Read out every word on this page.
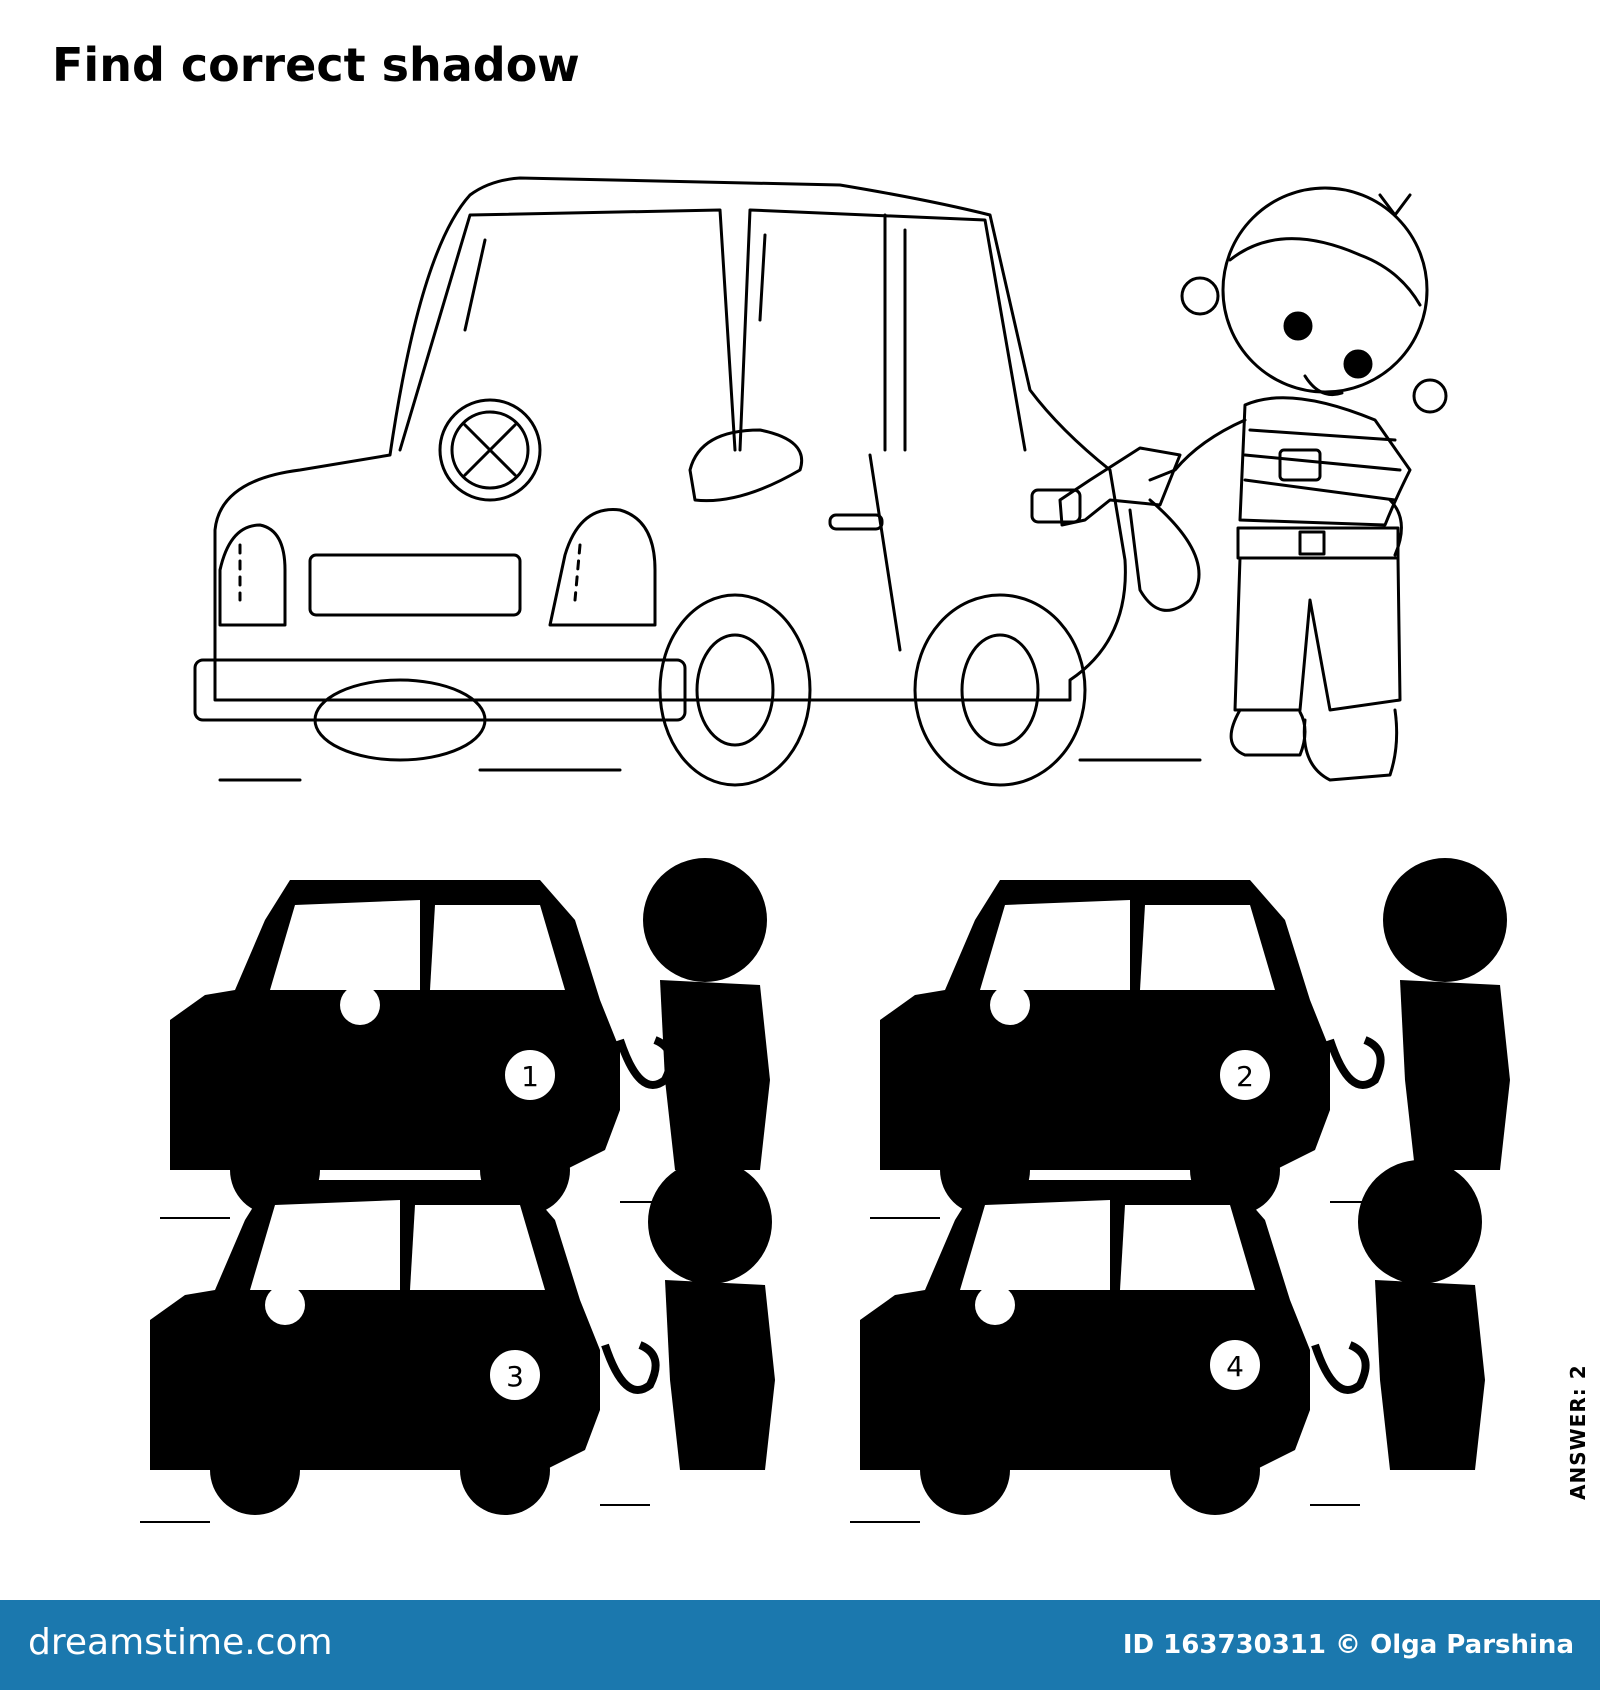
Find correct shadow
1	2
3	4	ANSWER: 2
dreamstime.com	ID 163730311 © Olga Parshina
